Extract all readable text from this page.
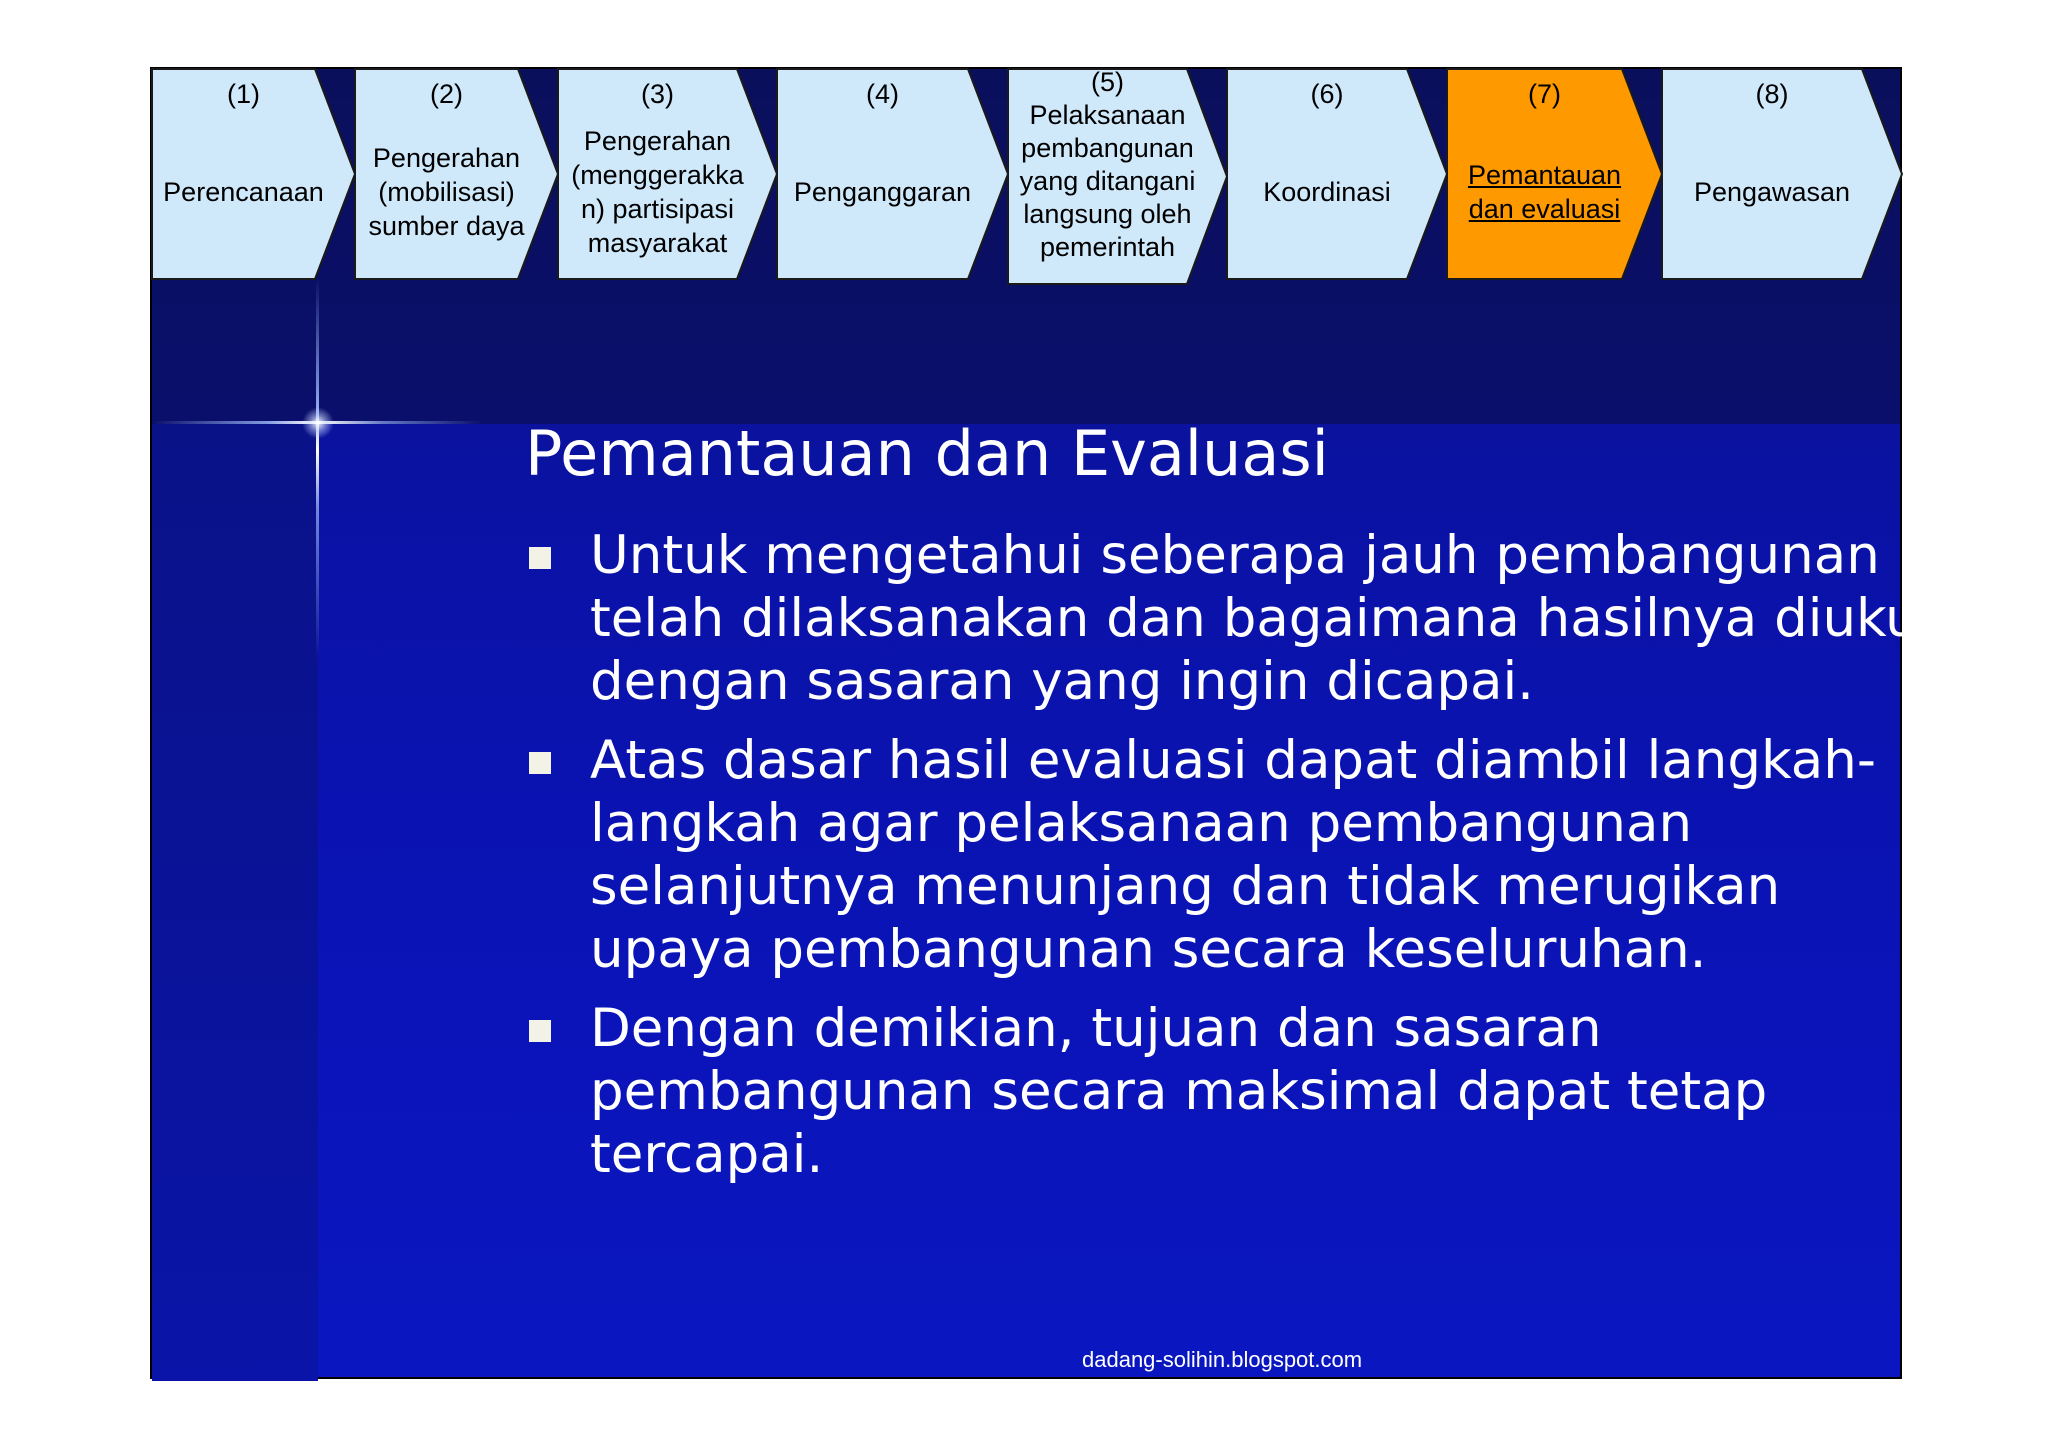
(1)
Perencanaan
(2)
Pengerahan
(mobilisasi)
sumber daya
(3)
Pengerahan
(menggerakka
n) partisipasi
masyarakat
(4)
Penganggaran
(5)
Pelaksanaan
pembangunan
yang ditangani
langsung oleh
pemerintah
(6)
Koordinasi
(7)
Pemantauan
dan evaluasi
(8)
Pengawasan
Pemantauan dan Evaluasi
Untuk mengetahui seberapa jauh pembangunan telah dilaksanakan dan bagaimana hasilnya diukur dengan sasaran yang ingin dicapai.
Atas dasar hasil evaluasi dapat diambil langkah-langkah agar pelaksanaan pembangunan selanjutnya menunjang dan tidak merugikan upaya pembangunan secara keseluruhan.
Dengan demikian, tujuan dan sasaran pembangunan secara maksimal dapat tetap tercapai.
dadang-solihin.blogspot.com	42
